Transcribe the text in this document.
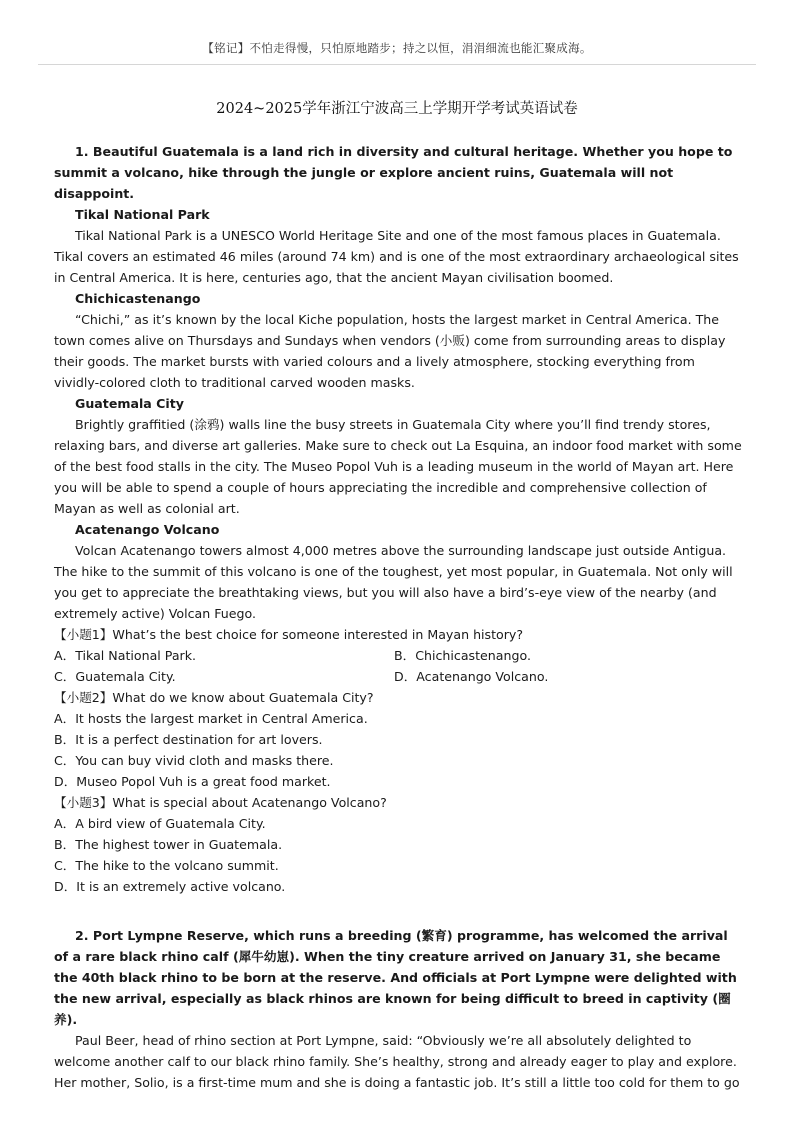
【铭记】不怕走得慢，只怕原地踏步；持之以恒，涓涓细流也能汇聚成海。
2024~2025学年浙江宁波高三上学期开学考试英语试卷

1. Beautiful Guatemala is a land rich in diversity and cultural heritage. Whether you hope to summit a volcano, hike through the jungle or explore ancient ruins, Guatemala will not disappoint.

Tikal National Park

Tikal National Park is a UNESCO World Heritage Site and one of the most famous places in Guatemala. Tikal covers an estimated 46 miles (around 74 km) and is one of the most extraordinary archaeological sites in Central America. It is here, centuries ago, that the ancient Mayan civilisation boomed.

Chichicastenango

“Chichi,” as it’s known by the local Kiche population, hosts the largest market in Central America. The town comes alive on Thursdays and Sundays when vendors (小贩) come from surrounding areas to display their goods. The market bursts with varied colours and a lively atmosphere, stocking everything from vividly-colored cloth to traditional carved wooden masks.

Guatemala City

Brightly graffitied (涂鸦) walls line the busy streets in Guatemala City where you’ll find trendy stores, relaxing bars, and diverse art galleries. Make sure to check out La Esquina, an indoor food market with some of the best food stalls in the city. The Museo Popol Vuh is a leading museum in the world of Mayan art. Here you will be able to spend a couple of hours appreciating the incredible and comprehensive collection of Mayan as well as colonial art.

Acatenango Volcano

Volcan Acatenango towers almost 4,000 metres above the surrounding landscape just outside Antigua. The hike to the summit of this volcano is one of the toughest, yet most popular, in Guatemala. Not only will you get to appreciate the breathtaking views, but you will also have a bird’s-eye view of the nearby (and extremely active) Volcan Fuego.

【小题1】What’s the best choice for someone interested in Mayan history?

A．Tikal National Park.	B．Chichicastenango.
C．Guatemala City.	D．Acatenango Volcano.

【小题2】What do we know about Guatemala City?

A．It hosts the largest market in Central America.

B．It is a perfect destination for art lovers.

C．You can buy vivid cloth and masks there.

D．Museo Popol Vuh is a great food market.

【小题3】What is special about Acatenango Volcano?

A．A bird view of Guatemala City.

B．The highest tower in Guatemala.

C．The hike to the volcano summit.

D．It is an extremely active volcano.

2. Port Lympne Reserve, which runs a breeding (繁育) programme, has welcomed the arrival of a rare black rhino calf (犀牛幼崽). When the tiny creature arrived on January 31, she became the 40th black rhino to be born at the reserve. And officials at Port Lympne were delighted with the new arrival, especially as black rhinos are known for being difficult to breed in captivity (圈养).

Paul Beer, head of rhino section at Port Lympne, said: “Obviously we’re all absolutely delighted to welcome another calf to our black rhino family. She’s healthy, strong and already eager to play and explore. Her mother, Solio, is a first-time mum and she is doing a fantastic job. It’s still a little too cold for them to go
